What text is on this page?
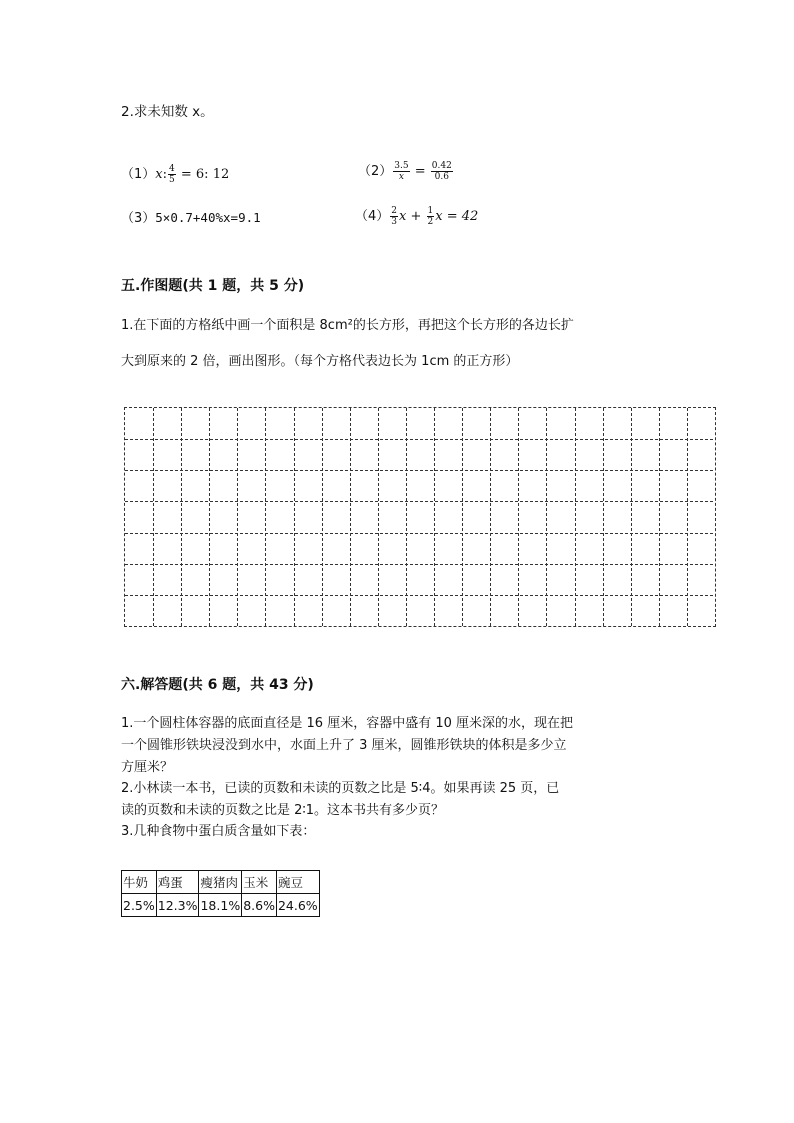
2.求未知数 x。
（1）x: $\frac{4}{5} = 6$: 12	$(2) \frac{3.5}{x} = \frac{0.42}{0.6}$
（3）5×0.7+40%x=9.1	$(4) \frac{2}{3}$ $x + \frac{1}{2}$ x = 42
五.作图题(共 1 题，共 5 分)
1.在下面的方格纸中画一个面积是 8cm²的长方形，再把这个长方形的各边长扩
大到原来的 2 倍，画出图形。（每个方格代表边长为 1cm 的正方形）
六.解答题(共 6 题，共 43 分)
1.一个圆柱体容器的底面直径是 16 厘米，容器中盛有 10 厘米深的水，现在把
一个圆锥形铁块浸没到水中，水面上升了 3 厘米，圆锥形铁块的体积是多少立
方厘米？
2.小林读一本书，已读的页数和未读的页数之比是 5∶4。如果再读 25 页，已
读的页数和未读的页数之比是 2∶1。这本书共有多少页？
3.几种食物中蛋白质含量如下表：
牛奶	鸡蛋	瘦猪肉	玉米	豌豆
2.5%	12.3%	18.1%	8.6%	24.6%
